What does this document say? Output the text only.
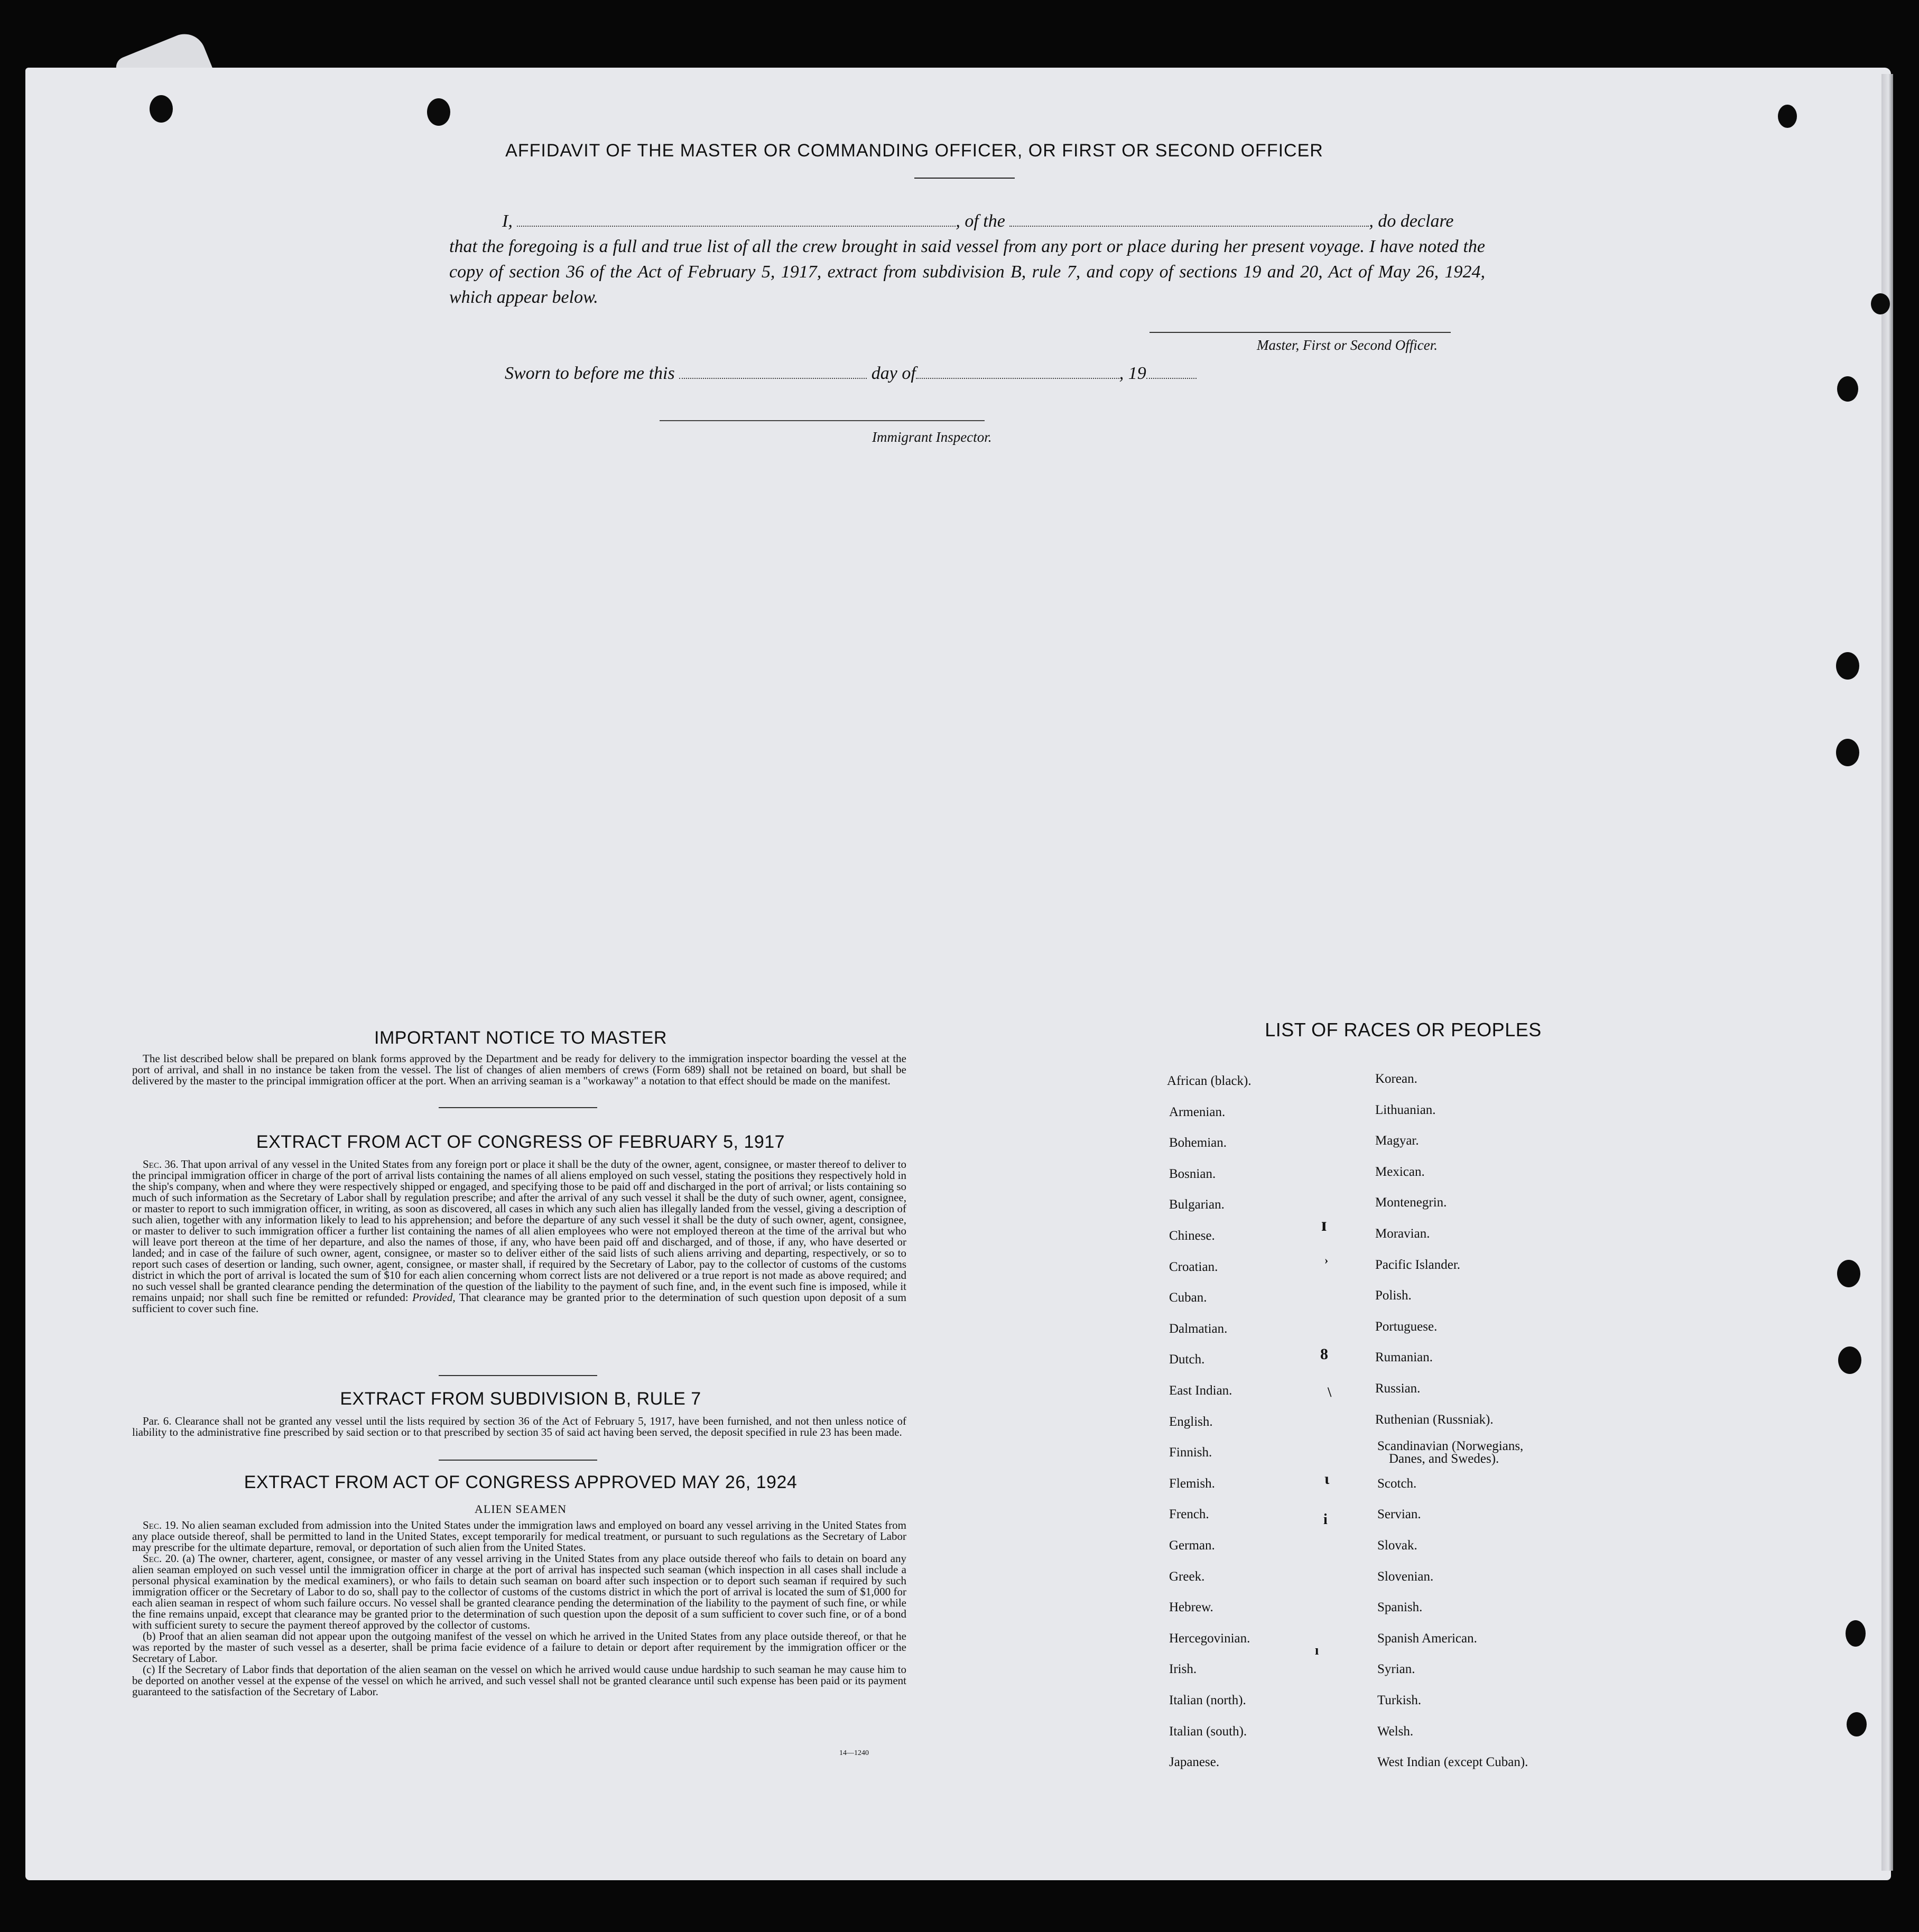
AFFIDAVIT OF THE MASTER OR COMMANDING OFFICER, OR FIRST OR SECOND OFFICER
I,	, of the	, do declare
that the foregoing is a full and true list of all the crew brought in said vessel from any port or place during her present voyage. I have noted the copy of section 36 of the Act of February 5, 1917, extract from subdivision B, rule 7, and copy of sections 19 and 20, Act of May 26, 1924, which appear below.
Master, First or Second Officer.
Sworn to before me this	day of	, 19
Immigrant Inspector.
IMPORTANT NOTICE TO MASTER
The list described below shall be prepared on blank forms approved by the Department and be ready for delivery to the immigration inspector boarding the vessel at the port of arrival, and shall in no instance be taken from the vessel. The list of changes of alien members of crews (Form 689) shall not be retained on board, but shall be delivered by the master to the principal immigration officer at the port. When an arriving seaman is a "workaway" a notation to that effect should be made on the manifest.
EXTRACT FROM ACT OF CONGRESS OF FEBRUARY 5, 1917
Sec. 36. That upon arrival of any vessel in the United States from any foreign port or place it shall be the duty of the owner, agent, consignee, or master thereof to deliver to the principal immigration officer in charge of the port of arrival lists containing the names of all aliens employed on such vessel, stating the positions they respectively hold in the ship's company, when and where they were respectively shipped or engaged, and specifying those to be paid off and discharged in the port of arrival; or lists containing so much of such information as the Secretary of Labor shall by regulation prescribe; and after the arrival of any such vessel it shall be the duty of such owner, agent, consignee, or master to report to such immigration officer, in writing, as soon as discovered, all cases in which any such alien has illegally landed from the vessel, giving a description of such alien, together with any information likely to lead to his apprehension; and before the departure of any such vessel it shall be the duty of such owner, agent, consignee, or master to deliver to such immigration officer a further list containing the names of all alien employees who were not employed thereon at the time of the arrival but who will leave port thereon at the time of her departure, and also the names of those, if any, who have been paid off and discharged, and of those, if any, who have deserted or landed; and in case of the failure of such owner, agent, consignee, or master so to deliver either of the said lists of such aliens arriving and departing, respectively, or so to report such cases of desertion or landing, such owner, agent, consignee, or master shall, if required by the Secretary of Labor, pay to the collector of customs of the customs district in which the port of arrival is located the sum of $10 for each alien concerning whom correct lists are not delivered or a true report is not made as above required; and no such vessel shall be granted clearance pending the determination of the question of the liability to the payment of such fine, and, in the event such fine is imposed, while it remains unpaid; nor shall such fine be remitted or refunded: Provided, That clearance may be granted prior to the determination of such question upon deposit of a sum sufficient to cover such fine.
EXTRACT FROM SUBDIVISION B, RULE 7
Par. 6. Clearance shall not be granted any vessel until the lists required by section 36 of the Act of February 5, 1917, have been furnished, and not then unless notice of liability to the administrative fine prescribed by said section or to that prescribed by section 35 of said act having been served, the deposit specified in rule 23 has been made.
EXTRACT FROM ACT OF CONGRESS APPROVED MAY 26, 1924
ALIEN SEAMEN
Sec. 19. No alien seaman excluded from admission into the United States under the immigration laws and employed on board any vessel arriving in the United States from any place outside thereof, shall be permitted to land in the United States, except temporarily for medical treatment, or pursuant to such regulations as the Secretary of Labor may prescribe for the ultimate departure, removal, or deportation of such alien from the United States.
Sec. 20. (a) The owner, charterer, agent, consignee, or master of any vessel arriving in the United States from any place outside thereof who fails to detain on board any alien seaman employed on such vessel until the immigration officer in charge at the port of arrival has inspected such seaman (which inspection in all cases shall include a personal physical examination by the medical examiners), or who fails to detain such seaman on board after such inspection or to deport such seaman if required by such immigration officer or the Secretary of Labor to do so, shall pay to the collector of customs of the customs district in which the port of arrival is located the sum of $1,000 for each alien seaman in respect of whom such failure occurs. No vessel shall be granted clearance pending the determination of the liability to the payment of such fine, or while the fine remains unpaid, except that clearance may be granted prior to the determination of such question upon the deposit of a sum sufficient to cover such fine, or of a bond with sufficient surety to secure the payment thereof approved by the collector of customs.
(b) Proof that an alien seaman did not appear upon the outgoing manifest of the vessel on which he arrived in the United States from any place outside thereof, or that he was reported by the master of such vessel as a deserter, shall be prima facie evidence of a failure to detain or deport after requirement by the immigration officer or the Secretary of Labor.
(c) If the Secretary of Labor finds that deportation of the alien seaman on the vessel on which he arrived would cause undue hardship to such seaman he may cause him to be deported on another vessel at the expense of the vessel on which he arrived, and such vessel shall not be granted clearance until such expense has been paid or its payment guaranteed to the satisfaction of the Secretary of Labor.
14—1240
LIST OF RACES OR PEOPLES
African (black).
Armenian.
Bohemian.
Bosnian.
Bulgarian.
Chinese.
Croatian.
Cuban.
Dalmatian.
Dutch.
East Indian.
English.
Finnish.
Flemish.
French.
German.
Greek.
Hebrew.
Hercegovinian.
Irish.
Italian (north).
Italian (south).
Japanese.
Korean.
Lithuanian.
Magyar.
Mexican.
Montenegrin.
Moravian.
Pacific Islander.
Polish.
Portuguese.
Rumanian.
Russian.
Ruthenian (Russniak).
Scandinavian (Norwegians,
Scotch.
Servian.
Slovak.
Slovenian.
Spanish.
Spanish American.
Syrian.
Turkish.
Welsh.
West Indian (except Cuban).
Danes, and Swedes).
ɪ
›
8
\
ɩ
i
ı
